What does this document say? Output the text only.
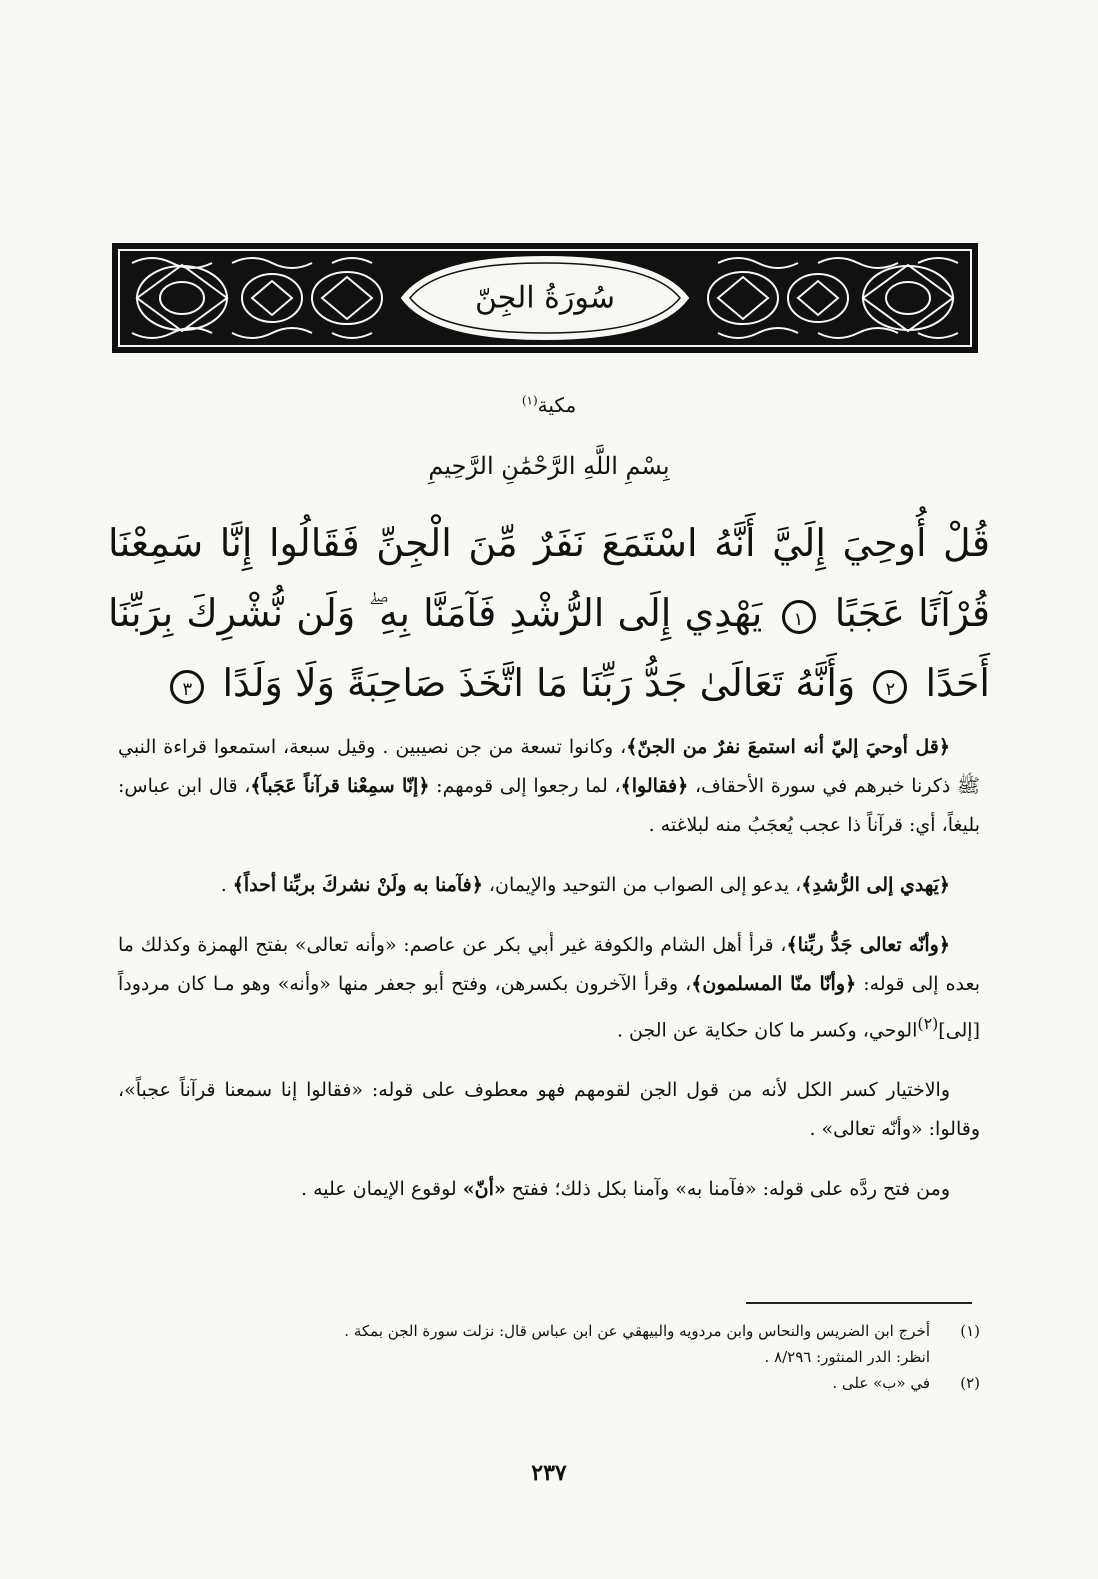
سُورَةُ الجِنّ
مكية$^{(١)}$
بِسْمِ اللَّهِ الرَّحْمَٰنِ الرَّحِيمِ
قُلْ أُوحِيَ إِلَيَّ أَنَّهُ اسْتَمَعَ نَفَرٌ مِّنَ الْجِنِّ فَقَالُوا إِنَّا سَمِعْنَا قُرْآنًا عَجَبًا ١ يَهْدِي إِلَى الرُّشْدِ فَآمَنَّا بِهِ ۖ وَلَن نُّشْرِكَ بِرَبِّنَا أَحَدًا ٢ وَأَنَّهُ تَعَالَىٰ جَدُّ رَبِّنَا مَا اتَّخَذَ صَاحِبَةً وَلَا وَلَدًا ٣

﴿قل أوحيَ إليّ أنه استمعَ نفرٌ من الجنّ﴾، وكانوا تسعة من جن نصيبين . وقيل سبعة، استمعوا قراءة النبي ﷺ ذكرنا خبرهم في سورة الأحقاف، ﴿فقالوا﴾، لما رجعوا إلى قومهم: ﴿إنّا سمِعْنا قرآناً عَجَباً﴾، قال ابن عباس: بليغاً، أي: قرآناً ذا عجب يُعجَبُ منه لبلاغته .

﴿يَهدي إلى الرُّشدِ﴾، يدعو إلى الصواب من التوحيد والإيمان، ﴿فآمنا به ولَنْ نشركَ بربِّنا أحداً﴾ .

﴿وأنّه تعالى جَدُّ ربِّنا﴾، قرأ أهل الشام والكوفة غير أبي بكر عن عاصم: «وأنه تعالى» بفتح الهمزة وكذلك ما بعده إلى قوله: ﴿وأنّا منّا المسلمون﴾، وقرأ الآخرون بكسرهن، وفتح أبو جعفر منها «وأنه» وهو مـا كان مردوداً [إلى]$^{(٢)}$الوحي، وكسر ما كان حكاية عن الجن .

والاختيار كسر الكل لأنه من قول الجن لقومهم فهو معطوف على قوله: «فقالوا إنا سمعنا قرآناً عجباً»، وقالوا: «وأنّه تعالى» .

ومن فتح ردَّه على قوله: «فآمنا به» وآمنا بكل ذلك؛ ففتح «أنّ» لوقوع الإيمان عليه .

(١)
أخرج ابن الضريس والنحاس وابن مردويه والبيهقي عن ابن عباس قال: نزلت سورة الجن بمكة .
انظر: الدر المنثور: ٨/٢٩٦ .
(٢)
في «ب» على .
٢٣٧
